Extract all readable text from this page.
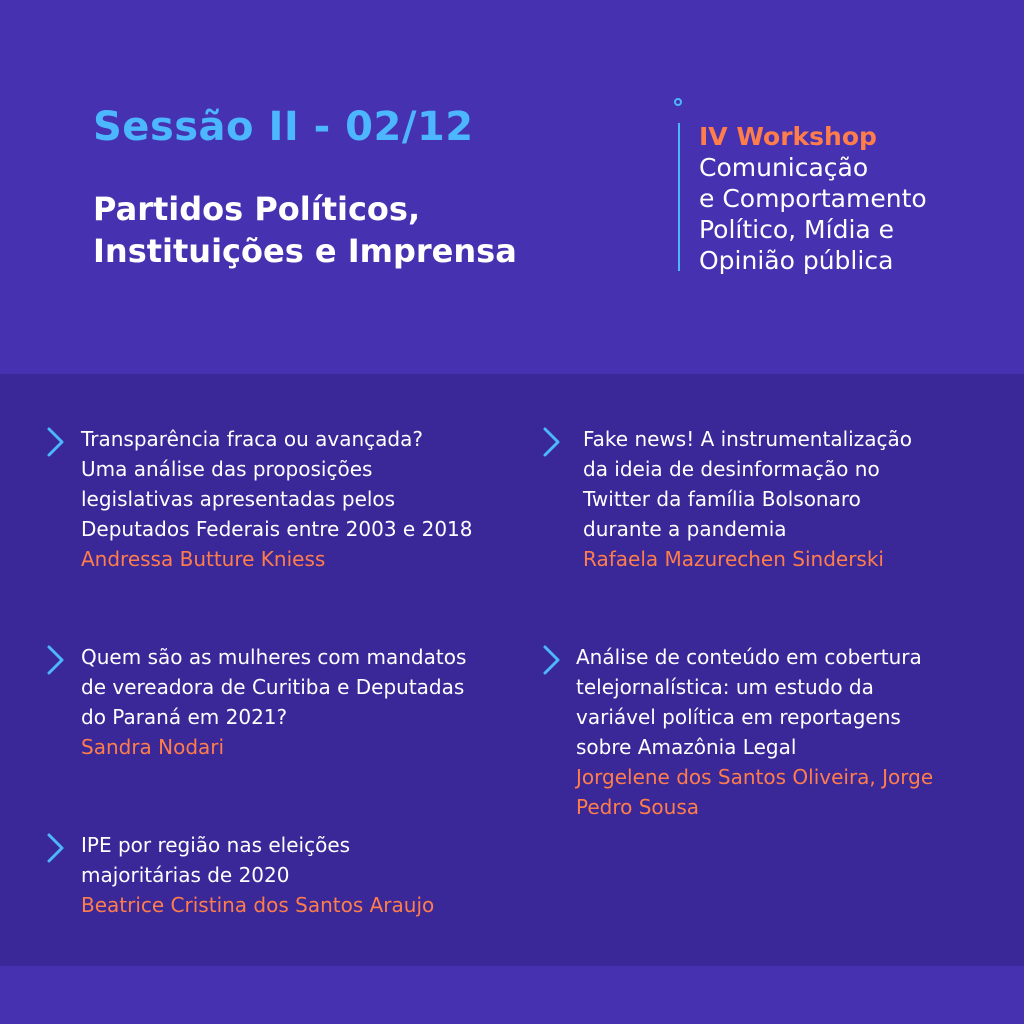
Sessão II - 02/12
Partidos Políticos,
Instituições e Imprensa
IV Workshop
Comunicação
e Comportamento
Político, Mídia e
Opinião pública

Transparência fraca ou avançada?

Uma análise das proposições

legislativas apresentadas pelos

Deputados Federais entre 2003 e 2018

Andressa Butture Kniess

Fake news! A instrumentalização

da ideia de desinformação no

Twitter da família Bolsonaro

durante a pandemia

Rafaela Mazurechen Sinderski

Quem são as mulheres com mandatos

de vereadora de Curitiba e Deputadas

do Paraná em 2021?

Sandra Nodari

Análise de conteúdo em cobertura

telejornalística: um estudo da

variável política em reportagens

sobre Amazônia Legal

Jorgelene dos Santos Oliveira, Jorge

Pedro Sousa

IPE por região nas eleições

majoritárias de 2020

Beatrice Cristina dos Santos Araujo
